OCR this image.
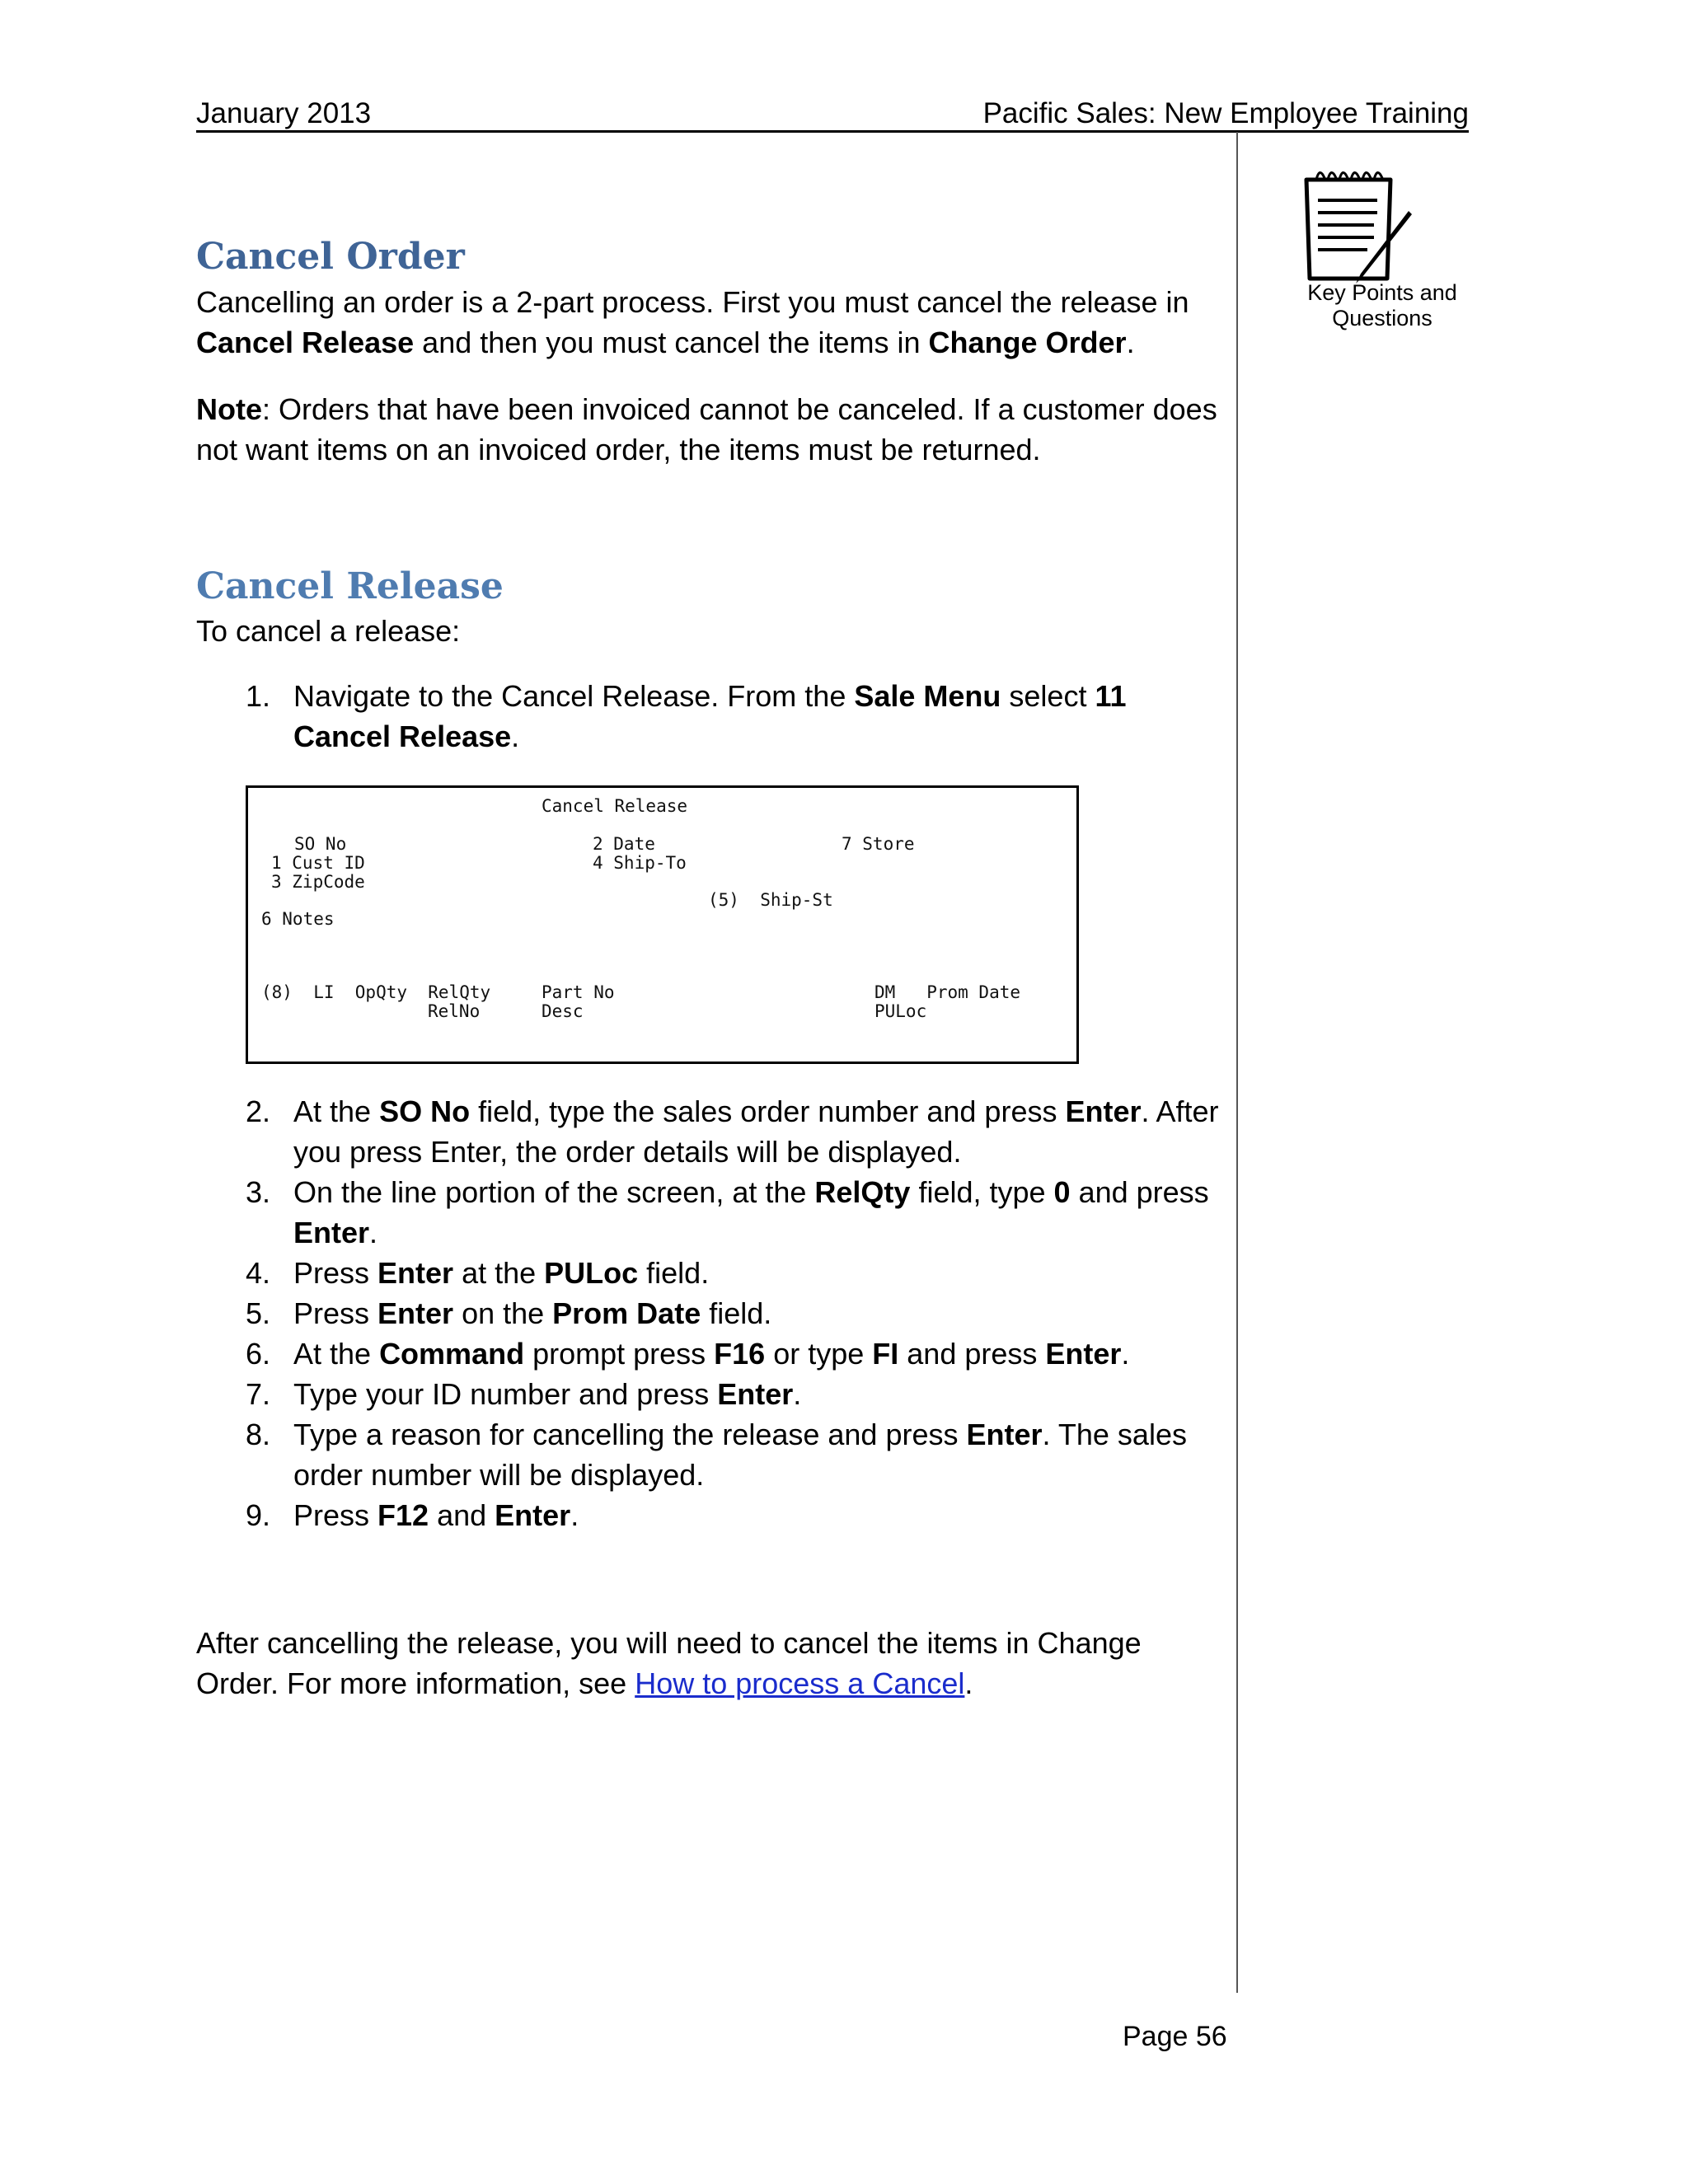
January 2013	Pacific Sales: New Employee Training
Key Points and Questions
Cancel Order
Cancelling an order is a 2-part process. First you must cancel the release in Cancel Release and then you must cancel the items in Change Order.
Note: Orders that have been invoiced cannot be canceled. If a customer does not want items on an invoiced order, the items must be returned.
Cancel Release
To cancel a release:
1. Navigate to the Cancel Release. From the Sale Menu select 11 Cancel Release.
Cancel Release
SO No
1 Cust ID
3 ZipCode
6 Notes
2 Date
4 Ship-To
7 Store
(5)  Ship-St
(8)  LI  OpQty  RelQty
RelNo
Part No
Desc
DM   Prom Date
PULoc
2. At the SO No field, type the sales order number and press Enter. After you press Enter, the order details will be displayed.
3. On the line portion of the screen, at the RelQty field, type 0 and press Enter.
4. Press Enter at the PULoc field.
5. Press Enter on the Prom Date field.
6. At the Command prompt press F16 or type FI and press Enter.
7. Type your ID number and press Enter.
8. Type a reason for cancelling the release and press Enter. The sales order number will be displayed.
9. Press F12 and Enter.
After cancelling the release, you will need to cancel the items in Change Order. For more information, see How to process a Cancel.
Page 56
